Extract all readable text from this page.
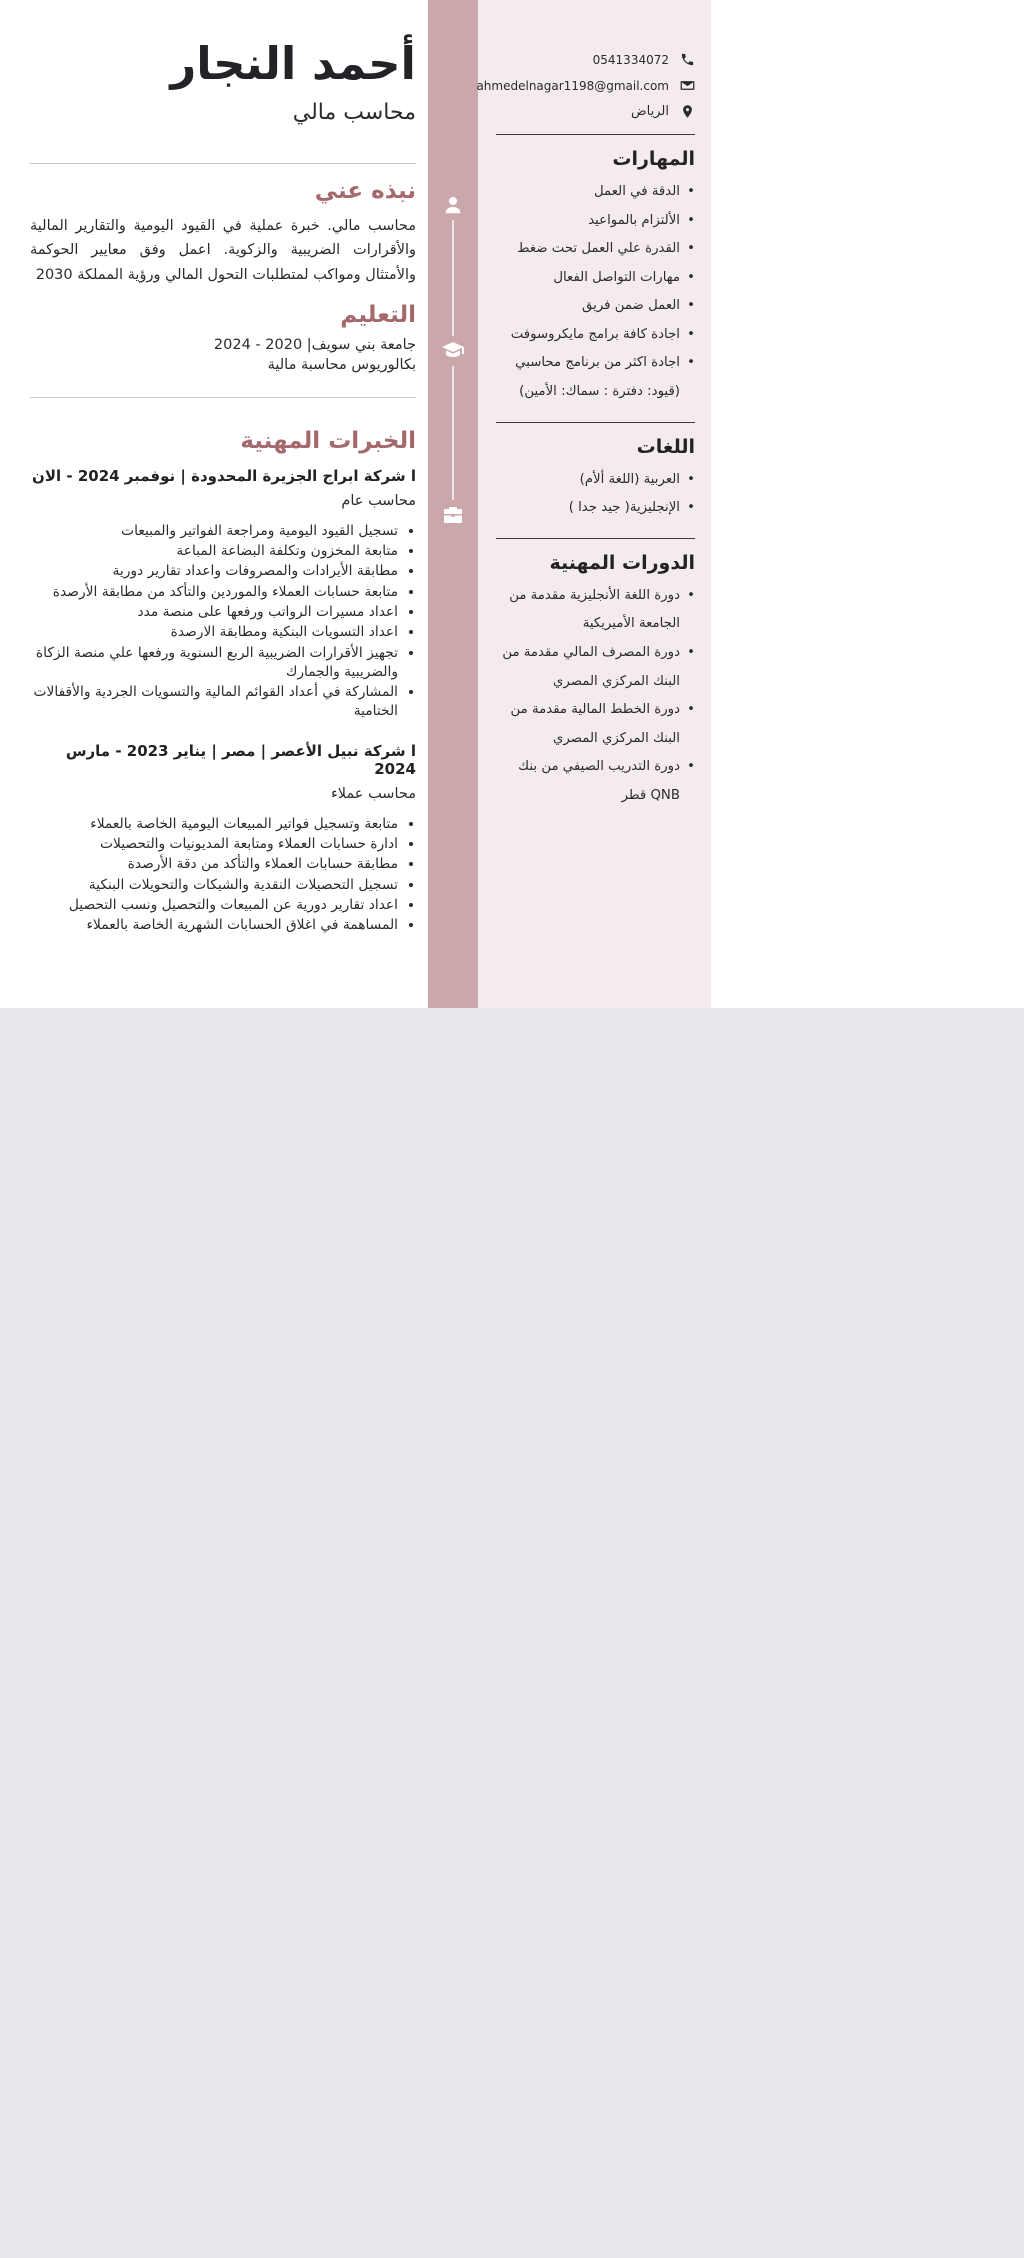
أحمد النجار
محاسب مالي
نبذه عني

محاسب مالي. خبرة عملية في القيود اليومية والتقارير المالية والأقرارات الضريبية والزكوية. اعمل وفق معايير الحوكمة والأمتثال ومواكب لمتطلبات التحول المالي ورؤية المملكة 2030

التعليم
جامعة بني سويف| 2020 - 2024
بكالوريوس محاسبة مالية
الخبرات المهنية
ا شركة ابراج الجزيرة المحدودة | نوفمبر 2024 - الان
محاسب عام
• تسجيل القيود اليومية ومراجعة الفواتير والمبيعات
• متابعة المخزون وتكلفة البضاعة المباعة
• مطابقة الأيرادات والمصروفات واعداد تقارير دورية
• متابعة حسابات العملاء والموردين والتأكد من مطابقة الأرصدة
• اعداد مسيرات الرواتب ورفعها على منصة مدد
• اعداد التسويات البنكية ومطابقة الارصدة
• تجهيز الأقرارات الضريبية الربع السنوية ورفعها علي منصة الزكاة والضريبية والجمارك
• المشاركة في أعداد القوائم المالية والتسويات الجردية والأقفالات الختامية
ا شركة نبيل الأعصر | مصر | يناير 2023 - مارس 2024
محاسب عملاء
• متابعة وتسجيل فواتير المبيعات اليومية الخاصة بالعملاء
• ادارة حسابات العملاء ومتابعة المديونيات والتحصيلات
• مطابقة حسابات العملاء والتأكد من دقة الأرصدة
• تسجيل التحصيلات النقدية والشيكات والتحويلات البنكية
• اعداد تقارير دورية عن المبيعات والتحصيل ونسب التحصيل
• المساهمة في اغلاق الحسابات الشهرية الخاصة بالعملاء
0541334072
ahmedelnagar1198@gmail.com
الرياض
المهارات
• الدقة في العمل
• الألتزام بالمواعيد
• القدرة علي العمل تحت ضغط
• مهارات التواصل الفعال
• العمل ضمن فريق
• اجادة كافة برامج مايكروسوفت
• اجادة اكثر من برنامج محاسبي (قيود: دفترة : سماك: الأمين)
اللغات
• العربية (اللغة ألأم)
• الإنجليزية( جيد جدا )
الدورات المهنية
• دورة اللغة الأنجليزية مقدمة من الجامعة الأميريكية
• دورة المصرف المالي مقدمة من البنك المركزي المصري
• دورة الخطط المالية مقدمة من البنك المركزي المصري
• دورة التدريب الصيفي من بنك QNB قطر
